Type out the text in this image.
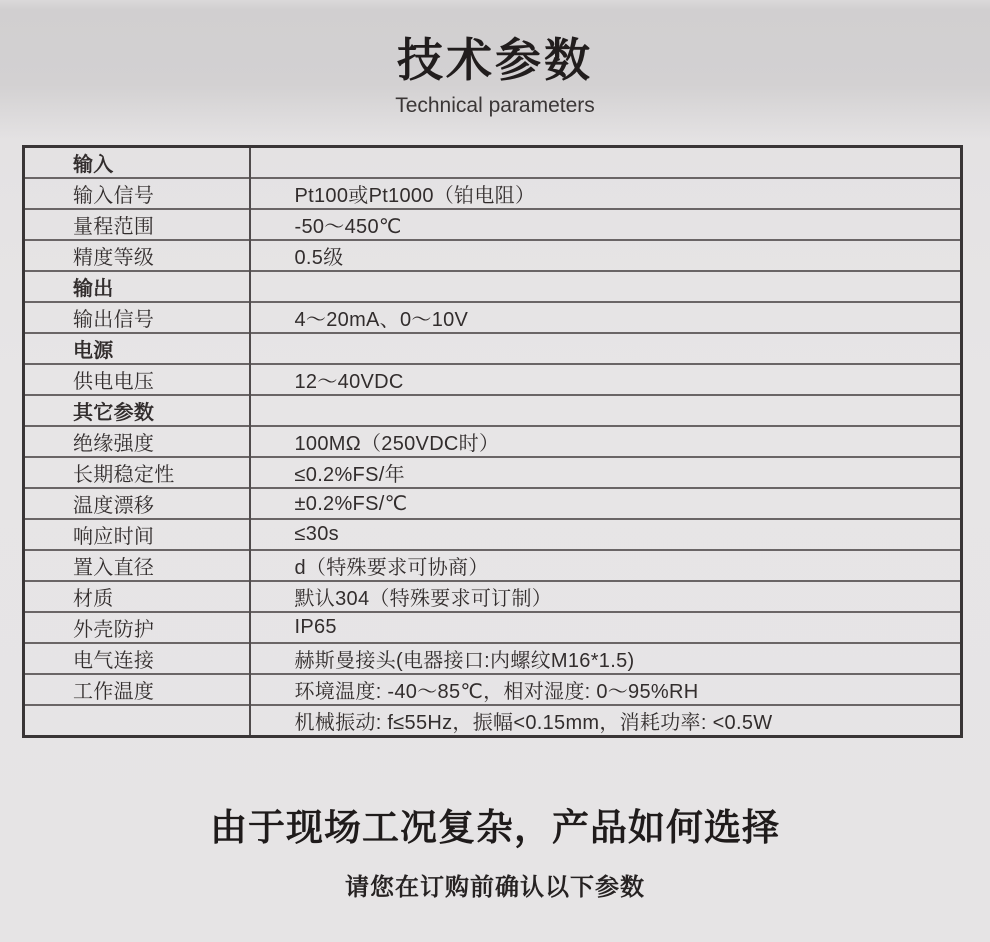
技术参数
Technical parameters
输入	
输入信号	Pt100或Pt1000（铂电阻）
量程范围	-50～450℃
精度等级	0.5级
输出	
输出信号	4～20mA、0～10V
电源	
供电电压	12～40VDC
其它参数	
绝缘强度	100MΩ（250VDC时）
长期稳定性	≤0.2%FS/年
温度漂移	±0.2%FS/℃
响应时间	≤30s
置入直径	d（特殊要求可协商）
材质	默认304（特殊要求可订制）
外壳防护	IP65
电气连接	赫斯曼接头(电器接口:内螺纹M16*1.5)
工作温度	环境温度: -40～85℃，相对湿度: 0～95%RH
	机械振动: f≤55Hz，振幅<0.15mm，消耗功率: <0.5W
由于现场工况复杂，产品如何选择
请您在订购前确认以下参数
